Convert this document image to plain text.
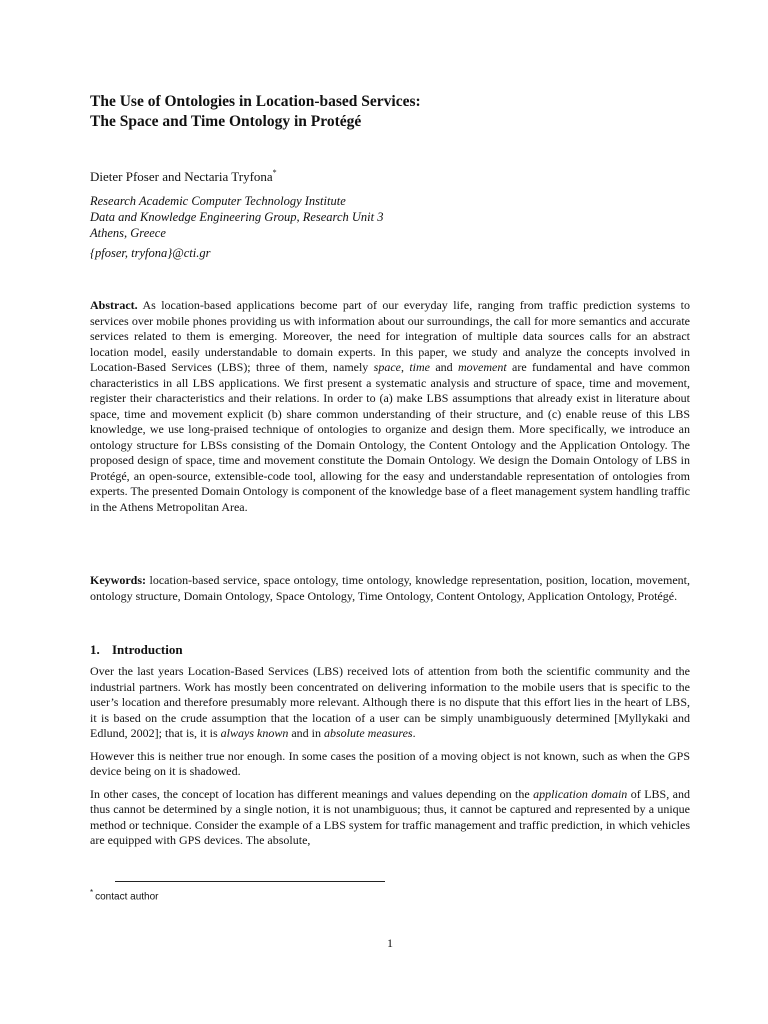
The Use of Ontologies in Location-based Services:
The Space and Time Ontology in Protégé
Dieter Pfoser and Nectaria Tryfona*
Research Academic Computer Technology Institute
Data and Knowledge Engineering Group, Research Unit 3
Athens, Greece
{pfoser, tryfona}@cti.gr
Abstract. As location-based applications become part of our everyday life, ranging from traffic prediction systems to services over mobile phones providing us with information about our surroundings, the call for more semantics and accurate services related to them is emerging. Moreover, the need for integration of multiple data sources calls for an abstract location model, easily understandable to domain experts. In this paper, we study and analyze the concepts involved in Location-Based Services (LBS); three of them, namely space, time and movement are fundamental and have common characteristics in all LBS applications. We first present a systematic analysis and structure of space, time and movement, register their characteristics and their relations. In order to (a) make LBS assumptions that already exist in literature about space, time and movement explicit (b) share common understanding of their structure, and (c) enable reuse of this LBS knowledge, we use long-praised technique of ontologies to organize and design them. More specifically, we introduce an ontology structure for LBSs consisting of the Domain Ontology, the Content Ontology and the Application Ontology. The proposed design of space, time and movement constitute the Domain Ontology. We design the Domain Ontology of LBS in Protégé, an open-source, extensible-code tool, allowing for the easy and understandable representation of ontologies from experts. The presented Domain Ontology is component of the knowledge base of a fleet management system handling traffic in the Athens Metropolitan Area.
Keywords: location-based service, space ontology, time ontology, knowledge representation, position, location, movement, ontology structure, Domain Ontology, Space Ontology, Time Ontology, Content Ontology, Application Ontology, Protégé.
1. Introduction

Over the last years Location-Based Services (LBS) received lots of attention from both the scientific community and the industrial partners. Work has mostly been concentrated on delivering information to the mobile users that is specific to the user’s location and therefore presumably more relevant. Although there is no dispute that this effort lies in the heart of LBS, it is based on the crude assumption that the location of a user can be simply unambiguously determined [Myllykaki and Edlund, 2002]; that is, it is always known and in absolute measures.

However this is neither true nor enough. In some cases the position of a moving object is not known, such as when the GPS device being on it is shadowed.

In other cases, the concept of location has different meanings and values depending on the application domain of LBS, and thus cannot be determined by a single notion, it is not unambiguous; thus, it cannot be captured and represented by a unique method or technique. Consider the example of a LBS system for traffic management and traffic prediction, in which vehicles are equipped with GPS devices. The absolute,

* contact author
1
